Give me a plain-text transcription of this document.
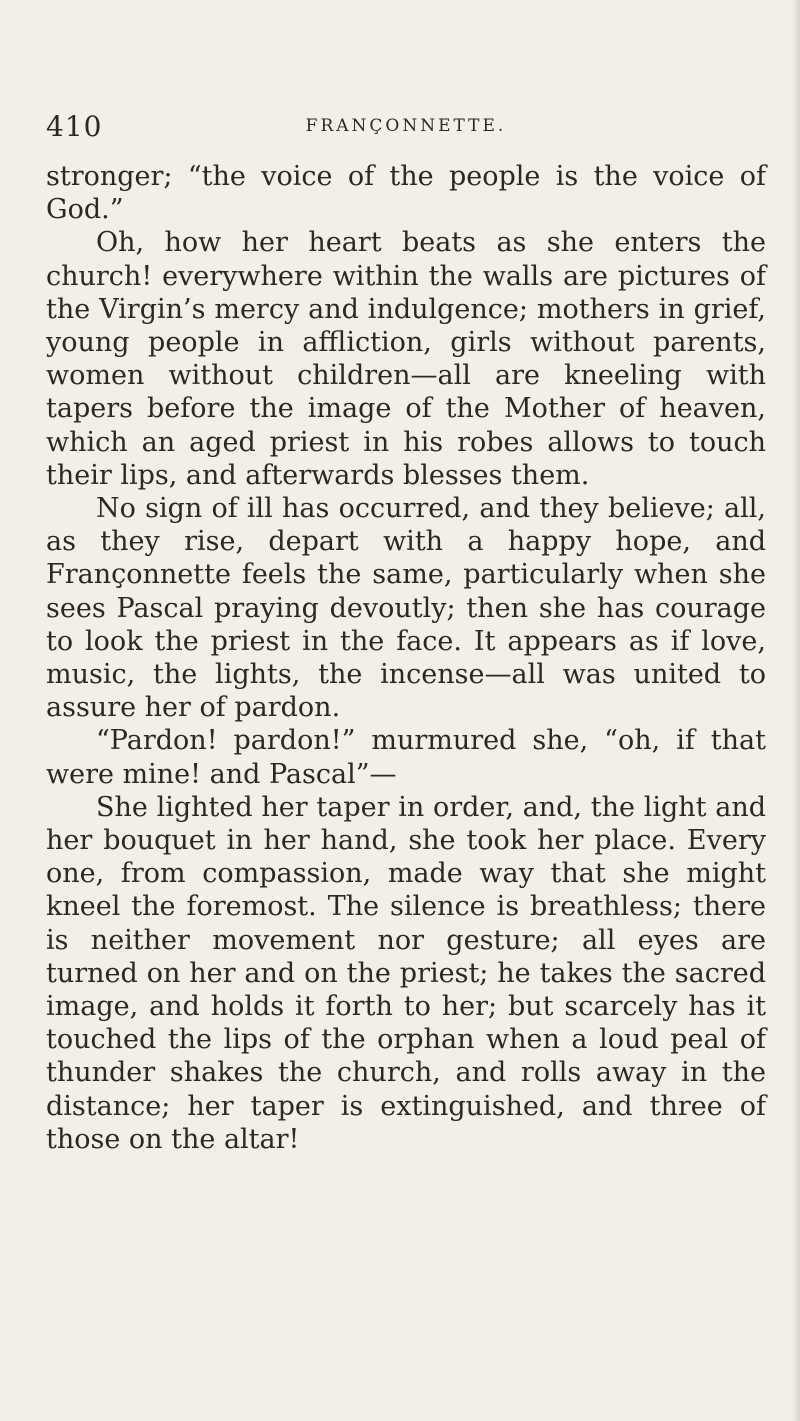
410	FRANÇONNETTE.

stronger; “the voice of the people is the voice of God.”

Oh, how her heart beats as she enters the church! everywhere within the walls are pictures of the Virgin’s mercy and indulgence; mothers in grief, young people in affliction, girls without parents, women without children—all are kneeling with tapers before the image of the Mother of heaven, which an aged priest in his robes allows to touch their lips, and afterwards blesses them.

No sign of ill has occurred, and they believe; all, as they rise, depart with a happy hope, and Françonnette feels the same, particularly when she sees Pascal praying devoutly; then she has courage to look the priest in the face. It appears as if love, music, the lights, the incense—all was united to assure her of pardon.

“Pardon! pardon!” murmured she, “oh, if that were mine! and Pascal”—

She lighted her taper in order, and, the light and her bouquet in her hand, she took her place. Every one, from compassion, made way that she might kneel the foremost. The silence is breathless; there is neither movement nor gesture; all eyes are turned on her and on the priest; he takes the sacred image, and holds it forth to her; but scarcely has it touched the lips of the orphan when a loud peal of thunder shakes the church, and rolls away in the distance; her taper is extinguished, and three of those on the altar!
